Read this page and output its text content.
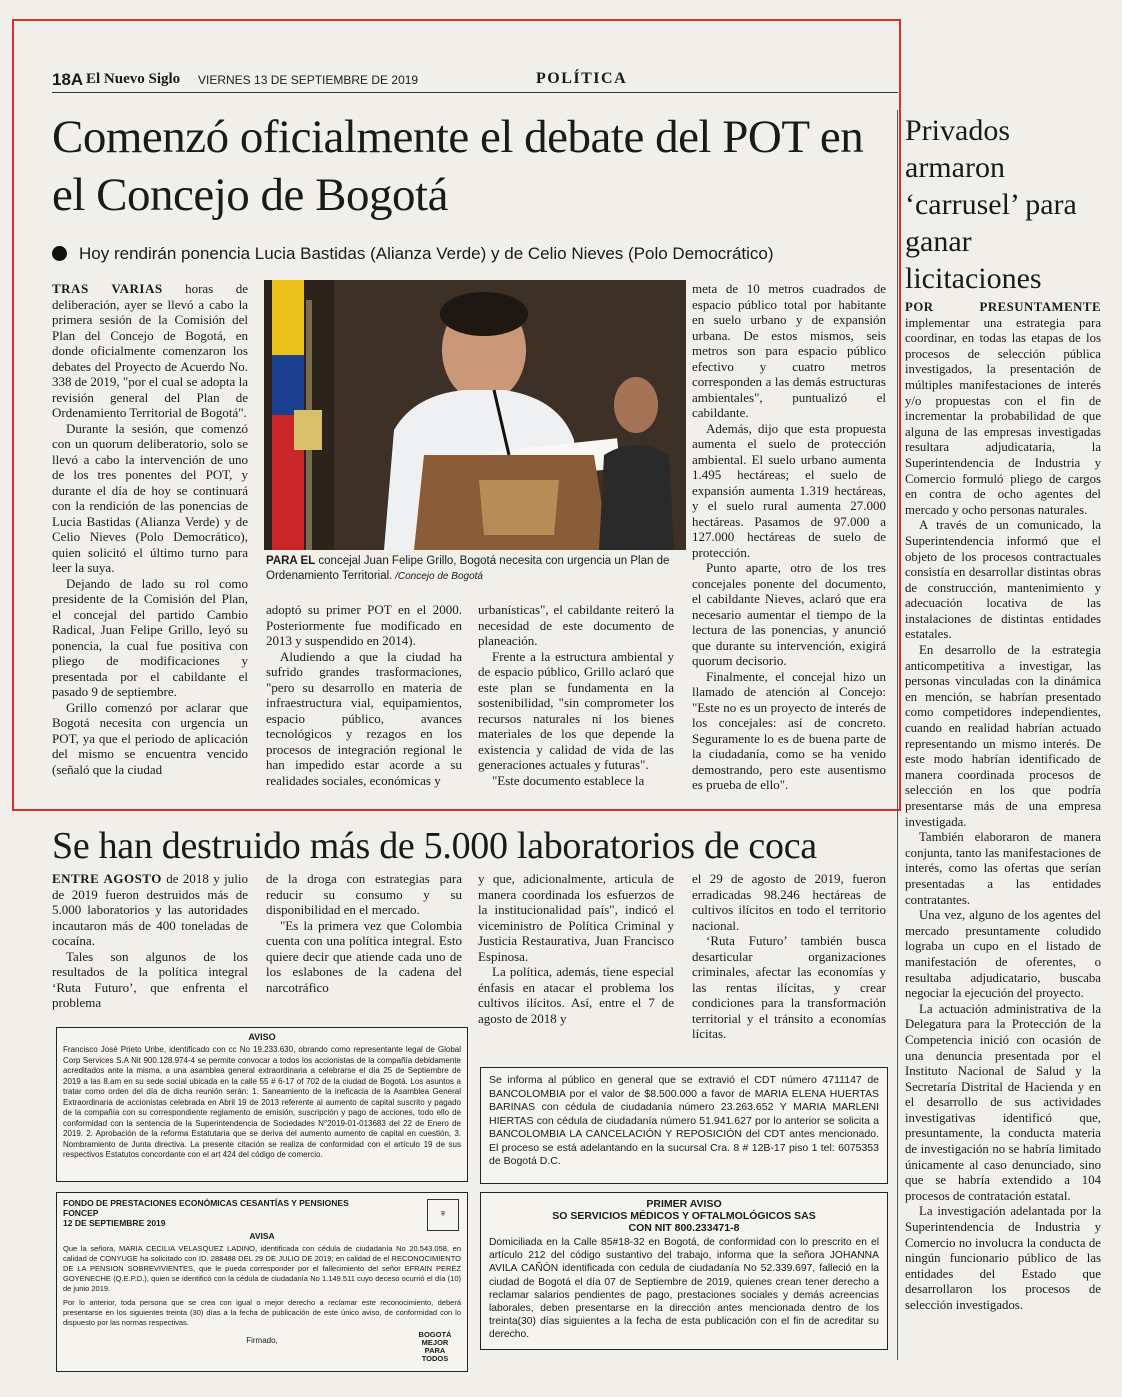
18A El Nuevo Siglo VIERNES 13 DE SEPTIEMBRE DE 2019	POLÍTICA
Comenzó oficialmente el debate del POT en el Concejo de Bogotá
Hoy rendirán ponencia Lucia Bastidas (Alianza Verde) y de Celio Nieves (Polo Democrático)

TRAS VARIAS horas de deliberación, ayer se llevó a cabo la primera sesión de la Comisión del Plan del Concejo de Bogotá, en donde oficialmente comenzaron los debates del Proyecto de Acuerdo No. 338 de 2019, "por el cual se adopta la revisión general del Plan de Ordenamiento Territorial de Bogotá".

Durante la sesión, que comenzó con un quorum deliberatorio, solo se llevó a cabo la intervención de uno de los tres ponentes del POT, y durante el día de hoy se continuará con la rendición de las ponencias de Lucia Bastidas (Alianza Verde) y de Celio Nieves (Polo Democrático), quien solicitó el último turno para leer la suya.

Dejando de lado su rol como presidente de la Comisión del Plan, el concejal del partido Cambio Radical, Juan Felipe Grillo, leyó su ponencia, la cual fue positiva con pliego de modificaciones y presentada por el cabildante el pasado 9 de septiembre.

Grillo comenzó por aclarar que Bogotá necesita con urgencia un POT, ya que el periodo de aplicación del mismo se encuentra vencido (señaló que la ciudad

PARA EL concejal Juan Felipe Grillo, Bogotá necesita con urgencia un Plan de Ordenamiento Territorial. /Concejo de Bogotá

adoptó su primer POT en el 2000. Posteriormente fue modificado en 2013 y suspendido en 2014).

Aludiendo a que la ciudad ha sufrido grandes trasformaciones, "pero su desarrollo en materia de infraestructura vial, equipamientos, espacio público, avances tecnológicos y rezagos en los procesos de integración regional le han impedido estar acorde a su realidades sociales, económicas y

urbanísticas", el cabildante reiteró la necesidad de este documento de planeación.

Frente a la estructura ambiental y de espacio público, Grillo aclaró que este plan se fundamenta en la sostenibilidad, "sin comprometer los recursos naturales ni los bienes materiales de los que depende la existencia y calidad de vida de las generaciones actuales y futuras".

"Este documento establece la

meta de 10 metros cuadrados de espacio público total por habitante en suelo urbano y de expansión urbana. De estos mismos, seis metros son para espacio público efectivo y cuatro metros corresponden a las demás estructuras ambientales", puntualizó el cabildante.

Además, dijo que esta propuesta aumenta el suelo de protección ambiental. El suelo urbano aumenta 1.495 hectáreas; el suelo de expansión aumenta 1.319 hectáreas, y el suelo rural aumenta 27.000 hectáreas. Pasamos de 97.000 a 127.000 hectáreas de suelo de protección.

Punto aparte, otro de los tres concejales ponente del documento, el cabildante Nieves, aclaró que era necesario aumentar el tiempo de la lectura de las ponencias, y anunció que durante su intervención, exigirá quorum decisorio.

Finalmente, el concejal hizo un llamado de atención al Concejo: "Este no es un proyecto de interés de los concejales: así de concreto. Seguramente lo es de buena parte de la ciudadanía, como se ha venido demostrando, pero este ausentismo es prueba de ello".

Privados armaron ‘carrusel’ para ganar licitaciones

POR PRESUNTAMENTE implementar una estrategia para coordinar, en todas las etapas de los procesos de selección pública investigados, la presentación de múltiples manifestaciones de interés y/o propuestas con el fin de incrementar la probabilidad de que alguna de las empresas investigadas resultara adjudicataria, la Superintendencia de Industria y Comercio formuló pliego de cargos en contra de ocho agentes del mercado y ocho personas naturales.

A través de un comunicado, la Superintendencia informó que el objeto de los procesos contractuales consistía en desarrollar distintas obras de construcción, mantenimiento y adecuación locativa de las instalaciones de distintas entidades estatales.

En desarrollo de la estrategia anticompetitiva a investigar, las personas vinculadas con la dinámica en mención, se habrían presentado como competidores independientes, cuando en realidad habrían actuado representando un mismo interés. De este modo habrían identificado de manera coordinada procesos de selección en los que podría presentarse más de una empresa investigada.

También elaboraron de manera conjunta, tanto las manifestaciones de interés, como las ofertas que serían presentadas a las entidades contratantes.

Una vez, alguno de los agentes del mercado presuntamente coludido lograba un cupo en el listado de manifestación de oferentes, o resultaba adjudicatario, buscaba negociar la ejecución del proyecto.

La actuación administrativa de la Delegatura para la Protección de la Competencia inició con ocasión de una denuncia presentada por el Instituto Nacional de Salud y la Secretaría Distrital de Hacienda y en el desarrollo de sus actividades investigativas identificó que, presuntamente, la conducta materia de investigación no se habría limitado únicamente al caso denunciado, sino que se habría extendido a 104 procesos de contratación estatal.

La investigación adelantada por la Superintendencia de Industria y Comercio no involucra la conducta de ningún funcionario público de las entidades del Estado que desarrollaron los procesos de selección investigados.

Se han destruido más de 5.000 laboratorios de coca

ENTRE AGOSTO de 2018 y julio de 2019 fueron destruidos más de 5.000 laboratorios y las autoridades incautaron más de 400 toneladas de cocaína.

Tales son algunos de los resultados de la política integral ‘Ruta Futuro’, que enfrenta el problema

de la droga con estrategias para reducir su consumo y su disponibilidad en el mercado.

"Es la primera vez que Colombia cuenta con una política integral. Esto quiere decir que atiende cada uno de los eslabones de la cadena del narcotráfico

y que, adicionalmente, articula de manera coordinada los esfuerzos de la institucionalidad país", indicó el viceministro de Política Criminal y Justicia Restaurativa, Juan Francisco Espinosa.

La política, además, tiene especial énfasis en atacar el problema los cultivos ilícitos. Así, entre el 7 de agosto de 2018 y

el 29 de agosto de 2019, fueron erradicadas 98.246 hectáreas de cultivos ilícitos en todo el territorio nacional.

‘Ruta Futuro’ también busca desarticular organizaciones criminales, afectar las economías y las rentas ilícitas, y crear condiciones para la transformación territorial y el tránsito a economías lícitas.

AVISO
Francisco José Prieto Uribe, identificado con cc No 19.233.630, obrando como representante legal de Global Corp Services S.A Nit 900.128.974-4 se permite convocar a todos los accionistas de la compañía debidamente acreditados ante la misma, a una asamblea general extraordinaria a celebrarse el día 25 de Septiembre de 2019 a las 8.am en su sede social ubicada en la calle 55 # 6-17 of 702 de la ciudad de Bogotá. Los asuntos a tratar como orden del día de dicha reunión serán: 1. Saneamiento de la ineficacia de la Asamblea General Extraordinaria de accionistas celebrada en Abril 19 de 2013 referente al aumento de capital suscrito y pagado de la compañía con su correspondiente reglamento de emisión, suscripción y pago de acciones, todo ello de conformidad con la sentencia de la Superintendencia de Sociedades N°2019-01-013683 del 22 de Enero de 2019. 2. Aprobación de la reforma Estatutaria que se deriva del aumento aumento de capital en cuestión, 3. Nombramiento de Junta directiva. La presente citación se realiza de conformidad con el artículo 19 de sus respectivos Estatutos concordante con el art 424 del código de comercio.
Se informa al público en general que se extravió el CDT número 4711147 de BANCOLOMBIA por el valor de $8.500.000 a favor de MARIA ELENA HUERTAS BARINAS con cédula de ciudadanía número 23.263.652 Y MARIA MARLENI HIERTAS con cédula de ciudadanía número 51.941.627 por lo anterior se solicita a BANCOLOMBIA LA CANCELACIÓN Y REPOSICIÓN del CDT antes mencionado. El proceso se está adelantando en la sucursal Cra. 8 # 12B-17 piso 1 tel: 6075353 de Bogotá D.C.
FONDO DE PRESTACIONES ECONÓMICAS CESANTÍAS Y PENSIONES FONCEP
12 DE SEPTIEMBRE 2019
AVISA
Que la señora, MARIA CECILIA VELASQUEZ LADINO, identificada con cédula de ciudadanía No 20.543.058, en calidad de CONYUGE ha solicitado con ID. 288488 DEL 29 DE JULIO DE 2019; en calidad de el RECONOCIMIENTO DE LA PENSION SOBREVIVIENTES, que le pueda corresponder por el fallecimiento del señor EFRAIN PEREZ GOYENECHE (Q.E.P.D.), quien se identificó con la cédula de ciudadanía No 1.149.511 cuyo deceso ocurrió el día (10) de junio 2019.
Por lo anterior, toda persona que se crea con igual o mejor derecho a reclamar este reconocimiento, deberá presentarse en los siguientes treinta (30) días a la fecha de publicación de este único aviso, de conformidad con lo dispuesto por las normas respectivas.
Firmado,
⛨
BOGOTÁ MEJOR PARA TODOS
PRIMER AVISO
SO SERVICIOS MÉDICOS Y OFTALMOLÓGICOS SAS
CON NIT 800.233471-8
Domiciliada en la Calle 85#18-32 en Bogotá, de conformidad con lo prescrito en el artículo 212 del código sustantivo del trabajo, informa que la señora JOHANNA AVILA CAÑÓN identificada con cedula de ciudadanía No 52.339.697, falleció en la ciudad de Bogotá el día 07 de Septiembre de 2019, quienes crean tener derecho a reclamar salarios pendientes de pago, prestaciones sociales y demás acreencias laborales, deben presentarse en la dirección antes mencionada dentro de los treinta(30) días siguientes a la fecha de esta publicación con el fin de acreditar su derecho.
